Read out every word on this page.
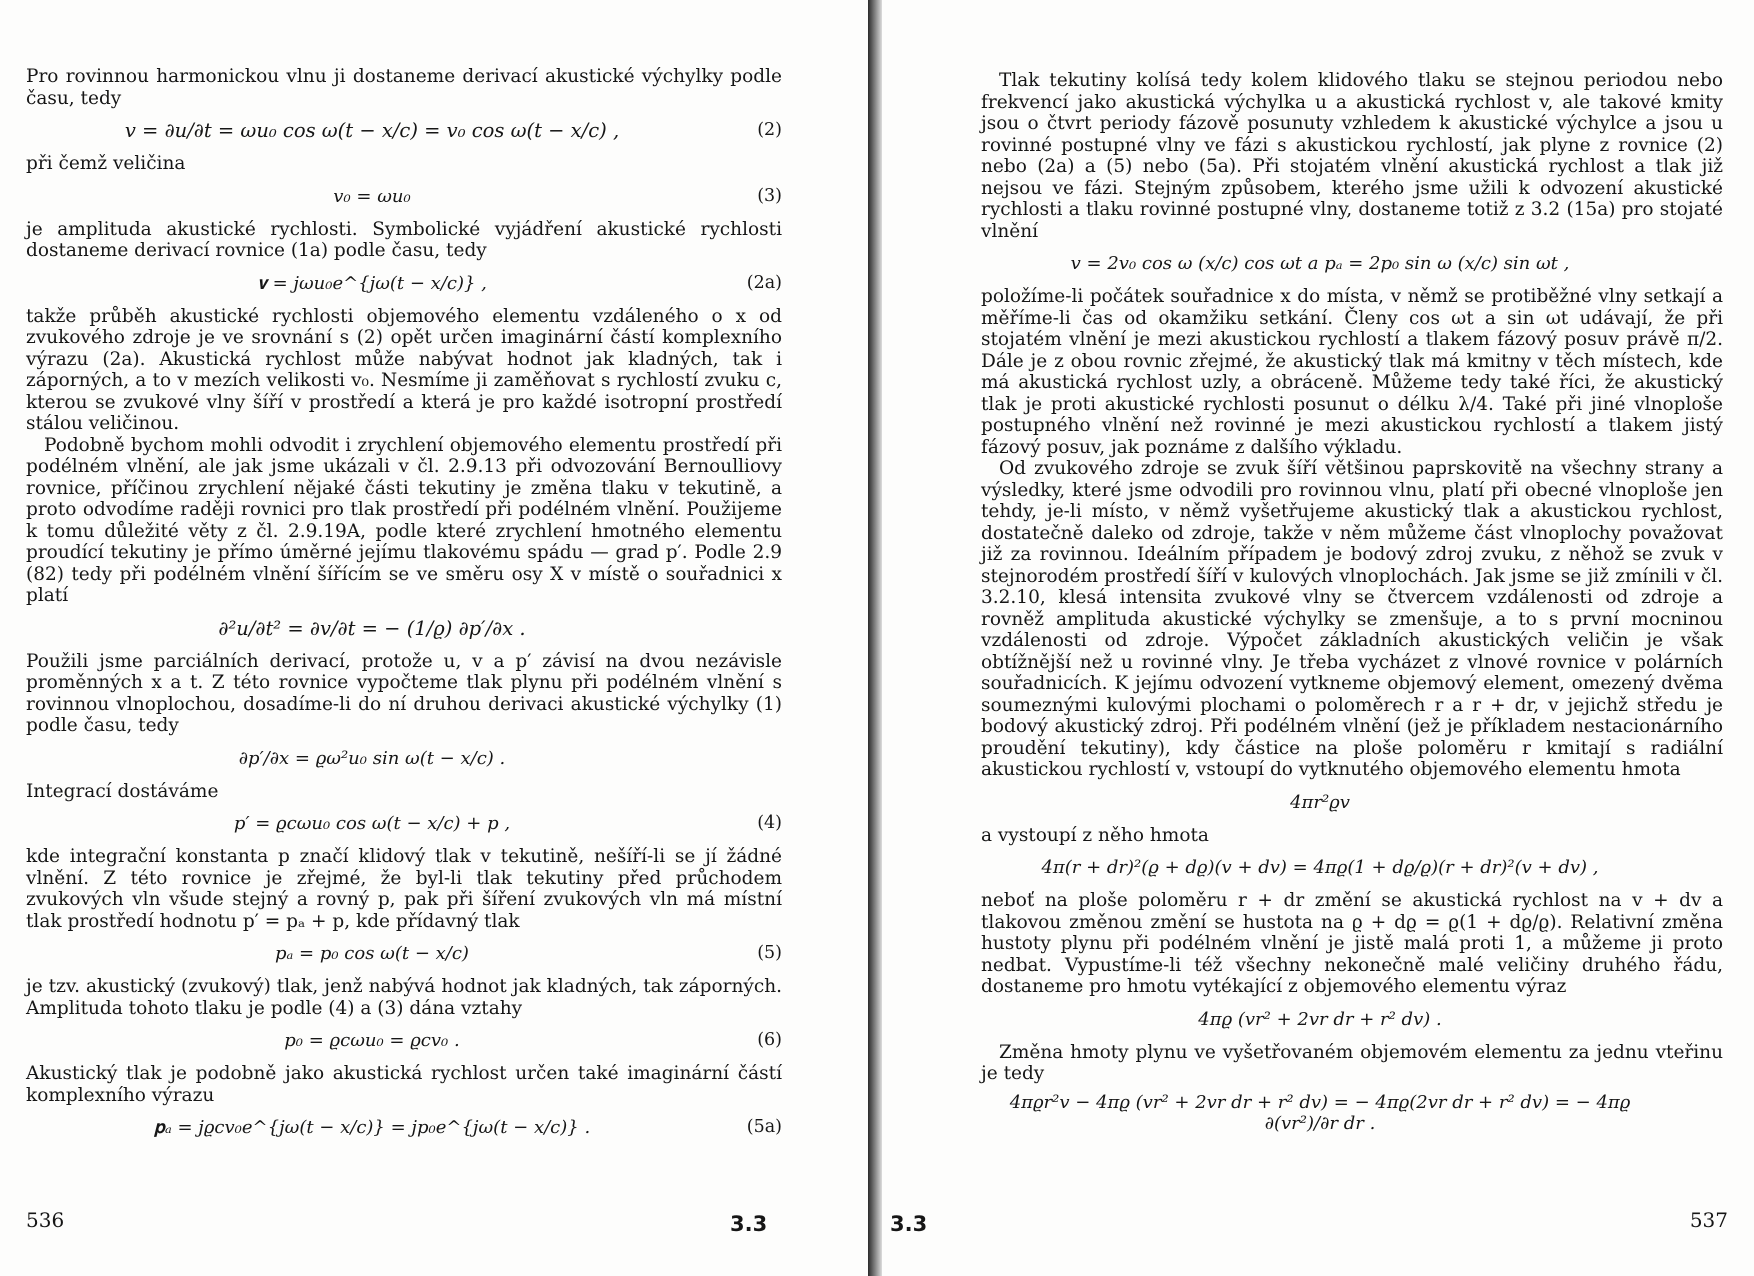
Pro rovinnou harmonickou vlnu ji dostaneme derivací akustické výchylky podle času, tedy

v = ∂u/∂t = ωu₀ cos ω(t − x/c) = v₀ cos ω(t − x/c) ,	(2)

při čemž veličina

v₀ = ωu₀	(3)

je amplituda akustické rychlosti. Symbolické vyjádření akustické rychlosti dostaneme derivací rovnice (1a) podle času, tedy

𝐯 = jωu₀e^{jω(t − x/c)} ,	(2a)

takže průběh akustické rychlosti objemového elementu vzdáleného o x od zvukového zdroje je ve srovnání s (2) opět určen imaginární částí komplexního výrazu (2a). Akustická rychlost může nabývat hodnot jak kladných, tak i záporných, a to v mezích velikosti v₀. Nesmíme ji zaměňovat s rychlostí zvuku c, kterou se zvukové vlny šíří v prostředí a která je pro každé isotropní prostředí stálou veličinou.

Podobně bychom mohli odvodit i zrychlení objemového elementu prostředí při podélném vlnění, ale jak jsme ukázali v čl. 2.9.13 při odvozování Bernoulliovy rovnice, příčinou zrychlení nějaké části tekutiny je změna tlaku v tekutině, a proto odvodíme raději rovnici pro tlak prostředí při podélném vlnění. Použijeme k tomu důležité věty z čl. 2.9.19A, podle které zrychlení hmotného elementu proudící tekutiny je přímo úměrné jejímu tlakovému spádu — grad p′. Podle 2.9 (82) tedy při podélném vlnění šířícím se ve směru osy X v místě o souřadnici x platí

∂²u/∂t² = ∂v/∂t = − (1/ϱ) ∂p′/∂x .

Použili jsme parciálních derivací, protože u, v a p′ závisí na dvou nezávisle proměnných x a t. Z této rovnice vypočteme tlak plynu při podélném vlnění s rovinnou vlnoplochou, dosadíme-li do ní druhou derivaci akustické výchylky (1) podle času, tedy

∂p′/∂x = ϱω²u₀ sin ω(t − x/c) .

Integrací dostáváme

p′ = ϱcωu₀ cos ω(t − x/c) + p ,	(4)

kde integrační konstanta p značí klidový tlak v tekutině, nešíří-li se jí žádné vlnění. Z této rovnice je zřejmé, že byl-li tlak tekutiny před průchodem zvukových vln všude stejný a rovný p, pak při šíření zvukových vln má místní tlak prostředí hodnotu p′ = pₐ + p, kde přídavný tlak

pₐ = p₀ cos ω(t − x/c)	(5)

je tzv. akustický (zvukový) tlak, jenž nabývá hodnot jak kladných, tak záporných. Amplituda tohoto tlaku je podle (4) a (3) dána vztahy

p₀ = ϱcωu₀ = ϱcv₀ .	(6)

Akustický tlak je podobně jako akustická rychlost určen také imaginární částí komplexního výrazu

𝐩ₐ = jϱcv₀e^{jω(t − x/c)} = jp₀e^{jω(t − x/c)} .	(5a)
536	3.3

Tlak tekutiny kolísá tedy kolem klidového tlaku se stejnou periodou nebo frekvencí jako akustická výchylka u a akustická rychlost v, ale takové kmity jsou o čtvrt periody fázově posunuty vzhledem k akustické výchylce a jsou u rovinné postupné vlny ve fázi s akustickou rychlostí, jak plyne z rovnice (2) nebo (2a) a (5) nebo (5a). Při stojatém vlnění akustická rychlost a tlak již nejsou ve fázi. Stejným způsobem, kterého jsme užili k odvození akustické rychlosti a tlaku rovinné postupné vlny, dostaneme totiž z 3.2 (15a) pro stojaté vlnění

v = 2v₀ cos ω (x/c) cos ωt a pₐ = 2p₀ sin ω (x/c) sin ωt ,

položíme-li počátek souřadnice x do místa, v němž se protiběžné vlny setkají a měříme-li čas od okamžiku setkání. Členy cos ωt a sin ωt udávají, že při stojatém vlnění je mezi akustickou rychlostí a tlakem fázový posuv právě π/2. Dále je z obou rovnic zřejmé, že akustický tlak má kmitny v těch místech, kde má akustická rychlost uzly, a obráceně. Můžeme tedy také říci, že akustický tlak je proti akustické rychlosti posunut o délku λ/4. Také při jiné vlnoploše postupného vlnění než rovinné je mezi akustickou rychlostí a tlakem jistý fázový posuv, jak poznáme z dalšího výkladu.

Od zvukového zdroje se zvuk šíří většinou paprskovitě na všechny strany a výsledky, které jsme odvodili pro rovinnou vlnu, platí při obecné vlnoploše jen tehdy, je-li místo, v němž vyšetřujeme akustický tlak a akustickou rychlost, dostatečně daleko od zdroje, takže v něm můžeme část vlnoplochy považovat již za rovinnou. Ideálním případem je bodový zdroj zvuku, z něhož se zvuk v stejnorodém prostředí šíří v kulových vlnoplochách. Jak jsme se již zmínili v čl. 3.2.10, klesá intensita zvukové vlny se čtvercem vzdálenosti od zdroje a rovněž amplituda akustické výchylky se zmenšuje, a to s první mocninou vzdálenosti od zdroje. Výpočet základních akustických veličin je však obtížnější než u rovinné vlny. Je třeba vycházet z vlnové rovnice v polárních souřadnicích. K jejímu odvození vytkneme objemový element, omezený dvěma soumeznými kulovými plochami o poloměrech r a r + dr, v jejichž středu je bodový akustický zdroj. Při podélném vlnění (jež je příkladem nestacionárního proudění tekutiny), kdy částice na ploše poloměru r kmitají s radiální akustickou rychlostí v, vstoupí do vytknutého objemového elementu hmota

4πr²ϱv

a vystoupí z něho hmota

4π(r + dr)²(ϱ + dϱ)(v + dv) = 4πϱ(1 + dϱ/ϱ)(r + dr)²(v + dv) ,

neboť na ploše poloměru r + dr změní se akustická rychlost na v + dv a tlakovou změnou změní se hustota na ϱ + dϱ = ϱ(1 + dϱ/ϱ). Relativní změna hustoty plynu při podélném vlnění je jistě malá proti 1, a můžeme ji proto nedbat. Vypustíme-li též všechny nekonečně malé veličiny druhého řádu, dostaneme pro hmotu vytékající z objemového elementu výraz

4πϱ (vr² + 2vr dr + r² dv) .

Změna hmoty plynu ve vyšetřovaném objemovém elementu za jednu vteřinu je tedy

4πϱr²v − 4πϱ (vr² + 2vr dr + r² dv) = − 4πϱ(2vr dr + r² dv) = − 4πϱ ∂(vr²)/∂r dr .
3.3	537
